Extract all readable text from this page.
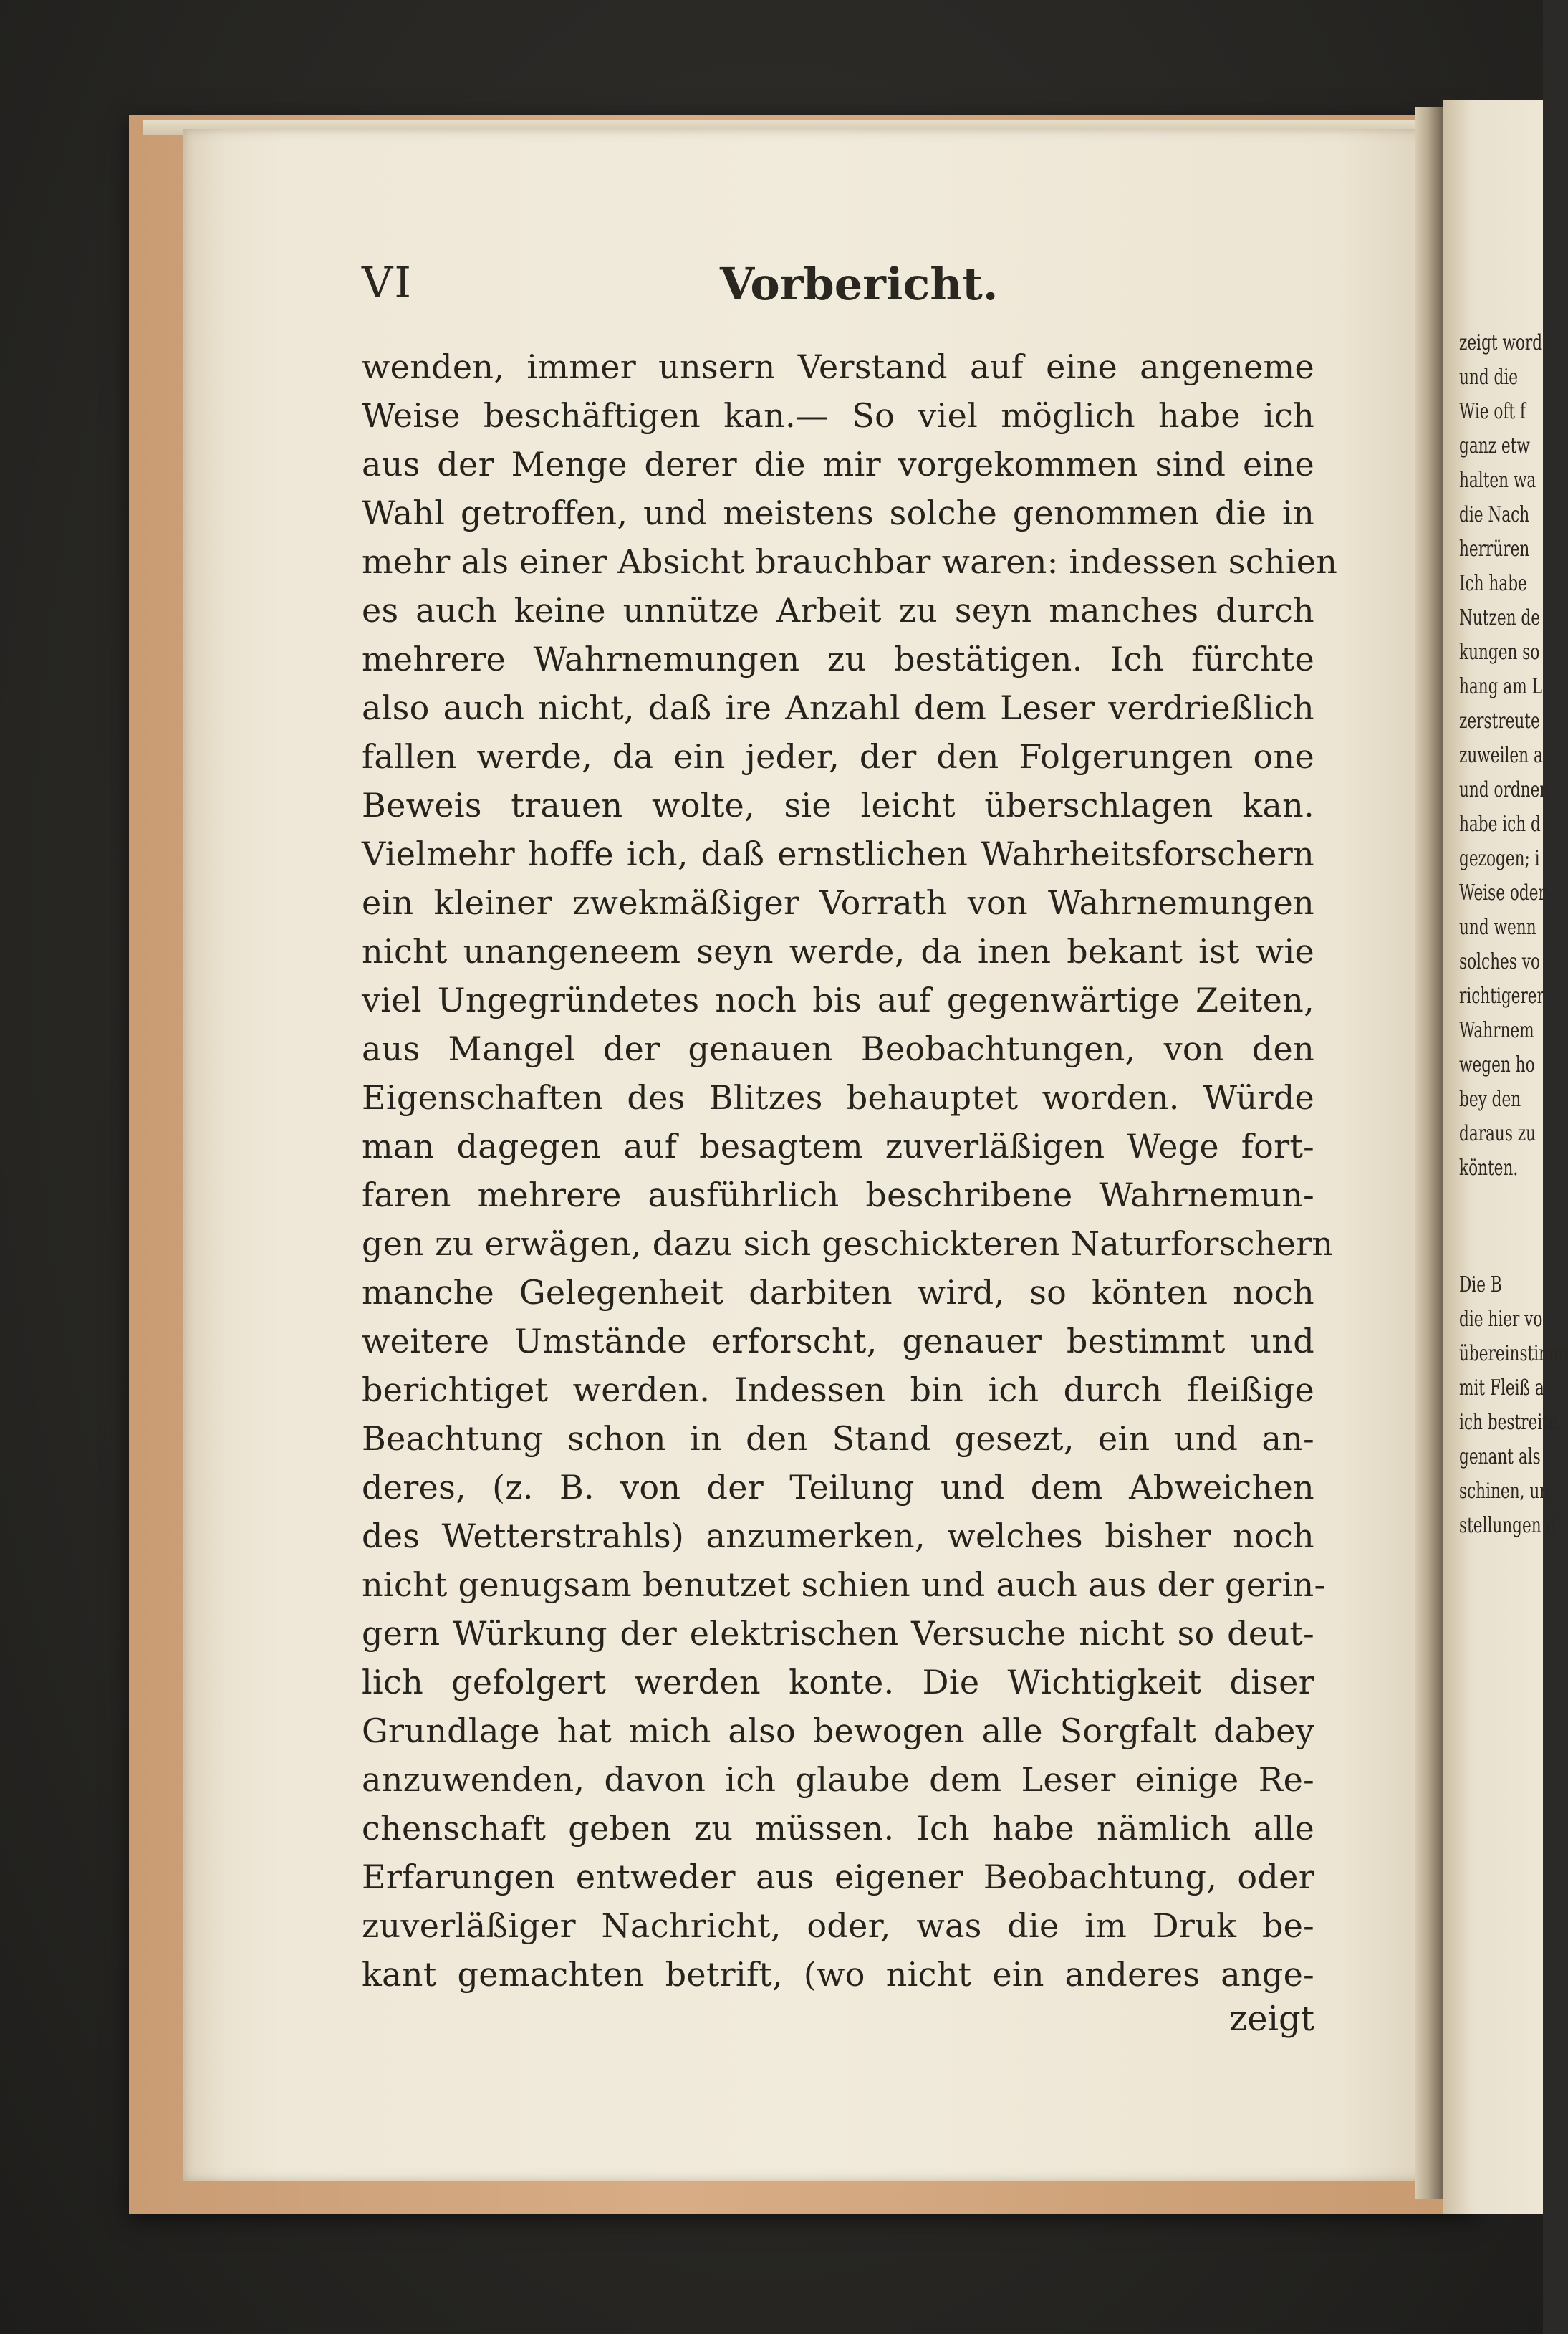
VI	Vorbericht.
wenden, immer unsern Verstand auf eine angeneme
Weise beschäftigen kan.— So viel möglich habe ich
aus der Menge derer die mir vorgekommen sind eine
Wahl getroffen, und meistens solche genommen die in
mehr als einer Absicht brauchbar waren: indessen schien
es auch keine unnütze Arbeit zu seyn manches durch
mehrere Wahrnemungen zu bestätigen. Ich fürchte
also auch nicht, daß ire Anzahl dem Leser verdrießlich
fallen werde, da ein jeder, der den Folgerungen one
Beweis trauen wolte, sie leicht überschlagen kan.
Vielmehr hoffe ich, daß ernstlichen Wahrheitsforschern
ein kleiner zwekmäßiger Vorrath von Wahrnemungen
nicht unangeneem seyn werde, da inen bekant ist wie
viel Ungegründetes noch bis auf gegenwärtige Zeiten,
aus Mangel der genauen Beobachtungen, von den
Eigenschaften des Blitzes behauptet worden. Würde
man dagegen auf besagtem zuverläßigen Wege fort-
faren mehrere ausführlich beschribene Wahrnemun-
gen zu erwägen, dazu sich geschickteren Naturforschern
manche Gelegenheit darbiten wird, so könten noch
weitere Umstände erforscht, genauer bestimmt und
berichtiget werden. Indessen bin ich durch fleißige
Beachtung schon in den Stand gesezt, ein und an-
deres, (z. B. von der Teilung und dem Abweichen
des Wetterstrahls) anzumerken, welches bisher noch
nicht genugsam benutzet schien und auch aus der gerin-
gern Würkung der elektrischen Versuche nicht so deut-
lich gefolgert werden konte. Die Wichtigkeit diser
Grundlage hat mich also bewogen alle Sorgfalt dabey
anzuwenden, davon ich glaube dem Leser einige Re-
chenschaft geben zu müssen. Ich habe nämlich alle
Erfarungen entweder aus eigener Beobachtung, oder
zuverläßiger Nachricht, oder, was die im Druk be-
kant gemachten betrift, (wo nicht ein anderes ange-
zeigt
zeigt word
und die
Wie oft f
ganz etw
halten wa
die Nach
herrüren
Ich habe
Nutzen de
kungen so
hang am L
zerstreute
zuweilen a
und ordnen
habe ich d
gezogen; i
Weise oder
und wenn
solches vo
richtigerer
Wahrnem
wegen ho
bey den
daraus zu
könten.
Die B
die hier vo
übereinstimm
mit Fleiß a
ich bestreite
genant als
schinen, un
stellungen d
